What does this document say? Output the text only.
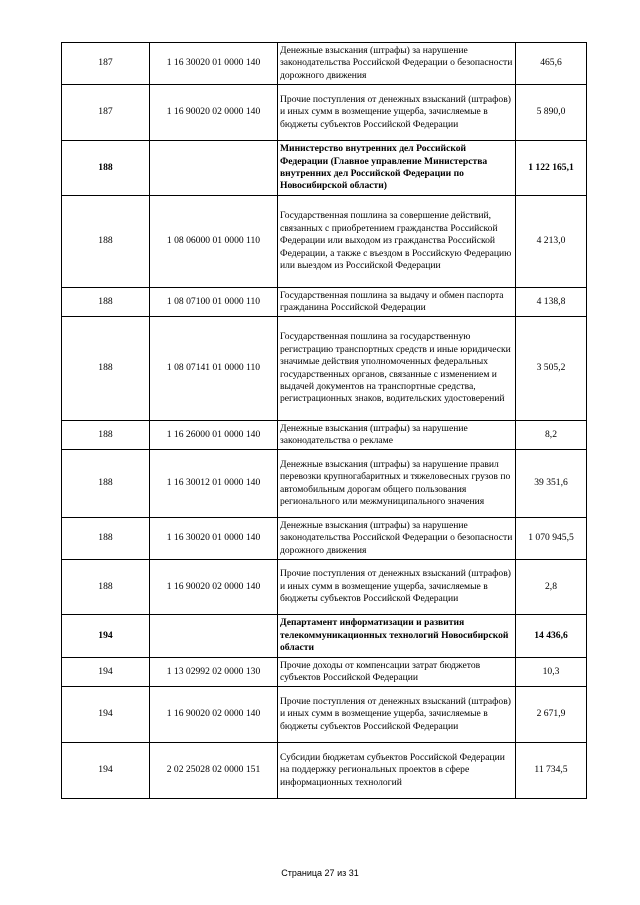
187	1 16 30020 01 0000 140	Денежные взыскания (штрафы) за нарушение законодательства Российской Федерации о безопасности дорожного движения	465,6
187	1 16 90020 02 0000 140	Прочие поступления от денежных взысканий (штрафов) и иных сумм в возмещение ущерба, зачисляемые в бюджеты субъектов Российской Федерации	5 890,0
188		Министерство внутренних дел Российской Федерации (Главное управление Министерства внутренних дел Российской Федерации по Новосибирской области)	1 122 165,1
188	1 08 06000 01 0000 110	Государственная пошлина за совершение действий, связанных с приобретением гражданства Российской Федерации или выходом из гражданства Российской Федерации, а также с въездом в Российскую Федерацию или выездом из Российской Федерации	4 213,0
188	1 08 07100 01 0000 110	Государственная пошлина за выдачу и обмен паспорта гражданина Российской Федерации	4 138,8
188	1 08 07141 01 0000 110	Государственная пошлина за государственную регистрацию транспортных средств и иные юридически значимые действия уполномоченных федеральных государственных органов, связанные с изменением и выдачей документов на транспортные средства, регистрационных знаков, водительских удостоверений	3 505,2
188	1 16 26000 01 0000 140	Денежные взыскания (штрафы) за нарушение законодательства о рекламе	8,2
188	1 16 30012 01 0000 140	Денежные взыскания (штрафы) за нарушение правил перевозки крупногабаритных и тяжеловесных грузов по автомобильным дорогам общего пользования регионального или межмуниципального значения	39 351,6
188	1 16 30020 01 0000 140	Денежные взыскания (штрафы) за нарушение законодательства Российской Федерации о безопасности дорожного движения	1 070 945,5
188	1 16 90020 02 0000 140	Прочие поступления от денежных взысканий (штрафов) и иных сумм в возмещение ущерба, зачисляемые в бюджеты субъектов Российской Федерации	2,8
194		Департамент информатизации и развития телекоммуникационных технологий Новосибирской области	14 436,6
194	1 13 02992 02 0000 130	Прочие доходы от компенсации затрат бюджетов субъектов Российской Федерации	10,3
194	1 16 90020 02 0000 140	Прочие поступления от денежных взысканий (штрафов) и иных сумм в возмещение ущерба, зачисляемые в бюджеты субъектов Российской Федерации	2 671,9
194	2 02 25028 02 0000 151	Субсидии бюджетам субъектов Российской Федерации на поддержку региональных проектов в сфере информационных технологий	11 734,5
Страница 27 из 31
